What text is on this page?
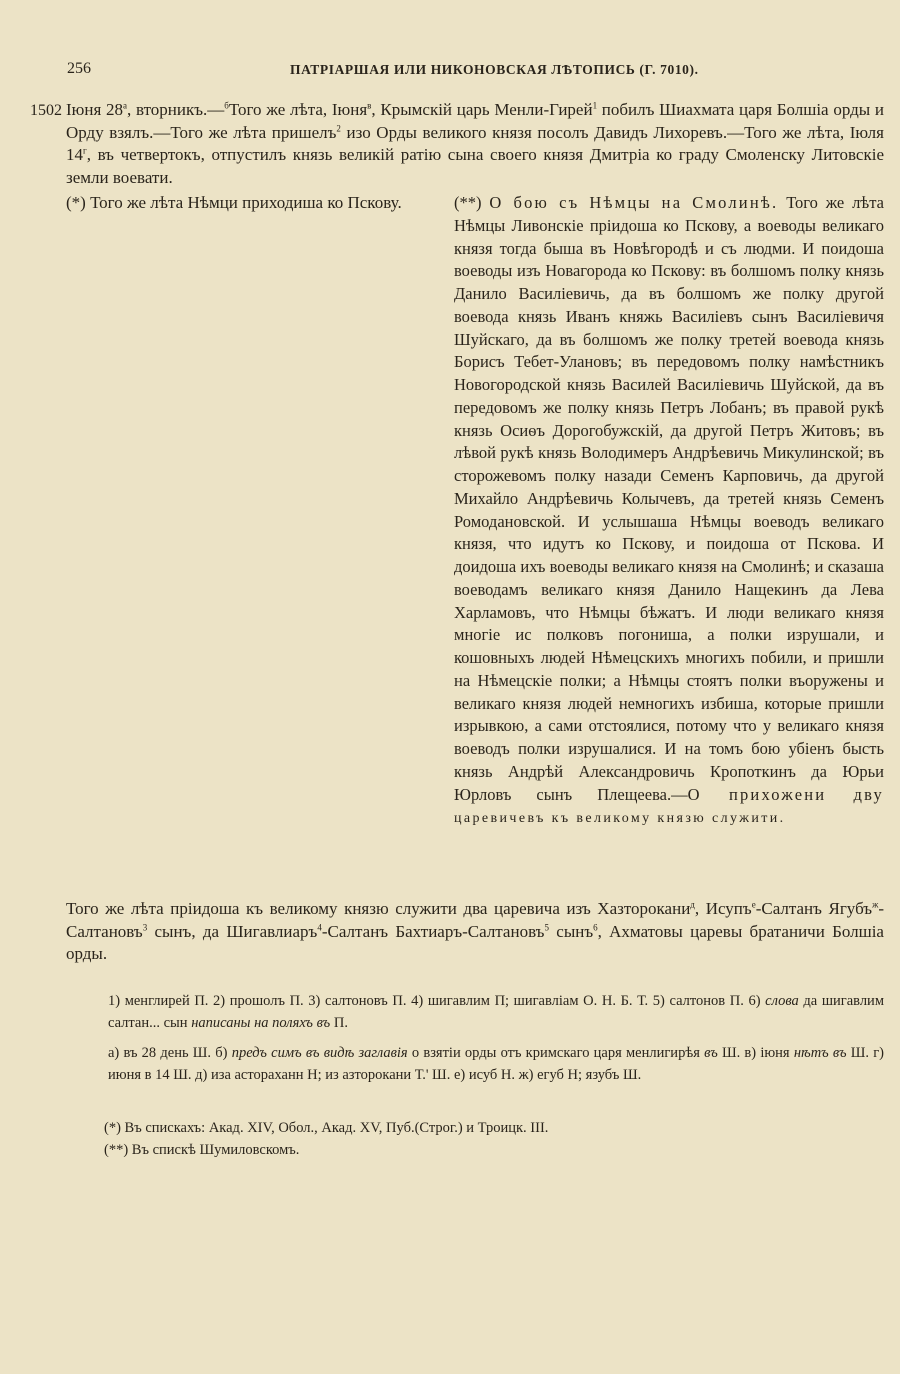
256	ПАТРІАРШАЯ ИЛИ НИКОНОВСКАЯ ЛѢТОПИСЬ (Г. 7010).
1502 Іюня $28^а$, вторникъ.—$^б$Того же лѣта, Іюня$^в$, Крымскій царь Менли-Гирей$^1$ побилъ Шиахмата царя Болшіа орды и Орду взялъ.—Того же лѣта пришелъ$^2$ изо Орды великого князя посолъ Давидъ Лихоревъ.—Того же лѣта, Іюля $14^г$, въ четвертокъ, отпустилъ князь великій ратію сына своего князя Дмитріа ко граду Смоленску Литовскіе земли воевати.
(*) Того же лѣта Нѣмци приходиша ко Пскову.	(**) О бою съ Нѣмцы на Смолинѣ. Того же лѣта Нѣмцы Ливонскіе пріидоша ко Пскову, а воеводы великаго князя тогда быша въ Новѣгородѣ и съ людми. И поидоша воеводы изъ Новагорода ко Пскову: въ болшомъ полку князь Данило Василіевичь, да въ болшомъ же полку другой воевода князь Иванъ княжь Василіевъ сынъ Василіевичя Шуйскаго, да въ болшомъ же полку третей воевода князь Борисъ Тебет-Улановъ; въ передовомъ полку намѣстникъ Новогородской князь Василей Василіевичь Шуйской, да въ передовомъ же полку князь Петръ Лобанъ; въ правой рукѣ князь Осиѳъ Дорогобужскій, да другой Петръ Житовъ; въ лѣвой рукѣ князь Володимеръ Андрѣевичь Микулинской; въ сторожевомъ полку назади Семенъ Карповичь, да другой Михайло Андрѣевичь Колычевъ, да третей князь Семенъ Ромодановской. И услышаша Нѣмцы воеводъ великаго князя, что идутъ ко Пскову, и поидоша от Пскова. И доидоша ихъ воеводы великаго князя на Смолинѣ; и сказаша воеводамъ великаго князя Данило Нащекинъ да Лева Харламовъ, что Нѣмцы бѣжатъ. И люди великаго князя многіе ис полковъ погониша, а полки изрушали, и кошовныхъ людей Нѣмецскихъ многихъ побили, и пришли на Нѣмецскіе полки; а Нѣмцы стоятъ полки въоружены и великаго князя людей немногихъ избиша, которые пришли изрывкою, а сами отстоялися, потому что у великаго князя воеводъ полки изрушалися. И на томъ бою убіенъ бысть князь Андрѣй Александровичь Кропоткинъ да Юрьи Юрловъ сынъ Плещеева.—О прихожени дву царевичевъ къ великому князю служити.
Того же лѣта пріидоша къ великому князю служити два царевича изъ Хазторокани$^д$, Исупъ$^е$-Салтанъ Ягубъ$^ж$-Салтановъ$^3$ сынъ, да Шигавлиаръ$^4$-Салтанъ Бахтиаръ-Салтановъ$^5$ сынъ$^6$, Ахматовы царевы братаничи Болшіа орды.
1) менглирей П. 2) прошолъ П. 3) салтоновъ П. 4) шигавлим П; шигавліам О. Н. Б. Т. 5) салтонов П. 6) слова да шигавлим салтан... сын написаны на поляхъ въ П.
а) въ 28 день Ш. б) предъ симъ въ видѣ заглавія о взятіи орды отъ кримскаго царя менлигирѣя въ Ш. в) іюня нѣтъ въ Ш. г) июня в 14 Ш. д) иза астораханн Н; из азторокани Т.' Ш. е) исуб Н. ж) егуб Н; язубъ Ш.

(*) Въ спискахъ: Акад. XIV, Обол., Акад. XV, Пуб.(Строг.) и Троицк. III.

(**) Въ спискѣ Шумиловскомъ.
